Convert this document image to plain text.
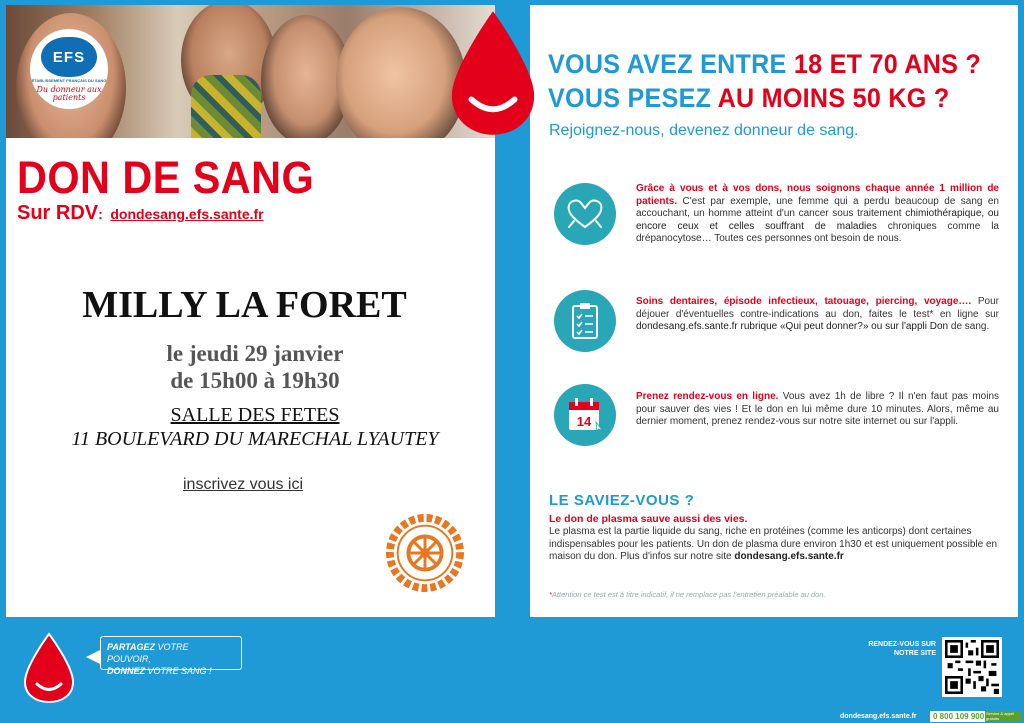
EFS
ÉTABLISSEMENT FRANÇAIS DU SANG
Du donneur aux patients
DON DE SANG
Sur RDV: dondesang.efs.sante.fr
MILLY LA FORET
le jeudi 29 janvier
de 15h00 à 19h30
SALLE DES FETES
11 BOULEVARD DU MARECHAL LYAUTEY
inscrivez vous ici
VOUS AVEZ ENTRE 18 ET 70 ANS ?
VOUS PESEZ AU MOINS 50 KG ?
Rejoignez-nous, devenez donneur de sang.
Grâce à vous et à vos dons, nous soignons chaque année 1 million de patients. C'est par exemple, une femme qui a perdu beaucoup de sang en accouchant, un homme atteint d'un cancer sous traitement chimiothérapique, ou encore ceux et celles souffrant de maladies chroniques comme la drépanocytose… Toutes ces personnes ont besoin de nous.
Soins dentaires, épisode infectieux, tatouage, piercing, voyage…. Pour déjouer d'éventuelles contre-indications au don, faites le test* en ligne sur dondesang.efs.sante.fr rubrique «Qui peut donner?» ou sur l'appli Don de sang.
14
Prenez rendez-vous en ligne. Vous avez 1h de libre ? Il n'en faut pas moins pour sauver des vies ! Et le don en lui même dure 10 minutes. Alors, même au dernier moment, prenez rendez-vous sur notre site internet ou sur l'appli.
LE SAVIEZ-VOUS ?
Le don de plasma sauve aussi des vies.
Le plasma est la partie liquide du sang, riche en protéines (comme les anticorps) dont certaines indispensables pour les patients. Un don de plasma dure environ 1h30 et est uniquement possible en maison du don. Plus d'infos sur notre site dondesang.efs.sante.fr
*Attention ce test est à titre indicatif, il ne remplace pas l'entretien préalable au don.
PARTAGEZ VOTRE POUVOIR,
DONNEZ VOTRE SANG !
RENDEZ-VOUS SUR NOTRE SITE
dondesang.efs.sante.fr	0 800 109 900 Service & appel gratuits
